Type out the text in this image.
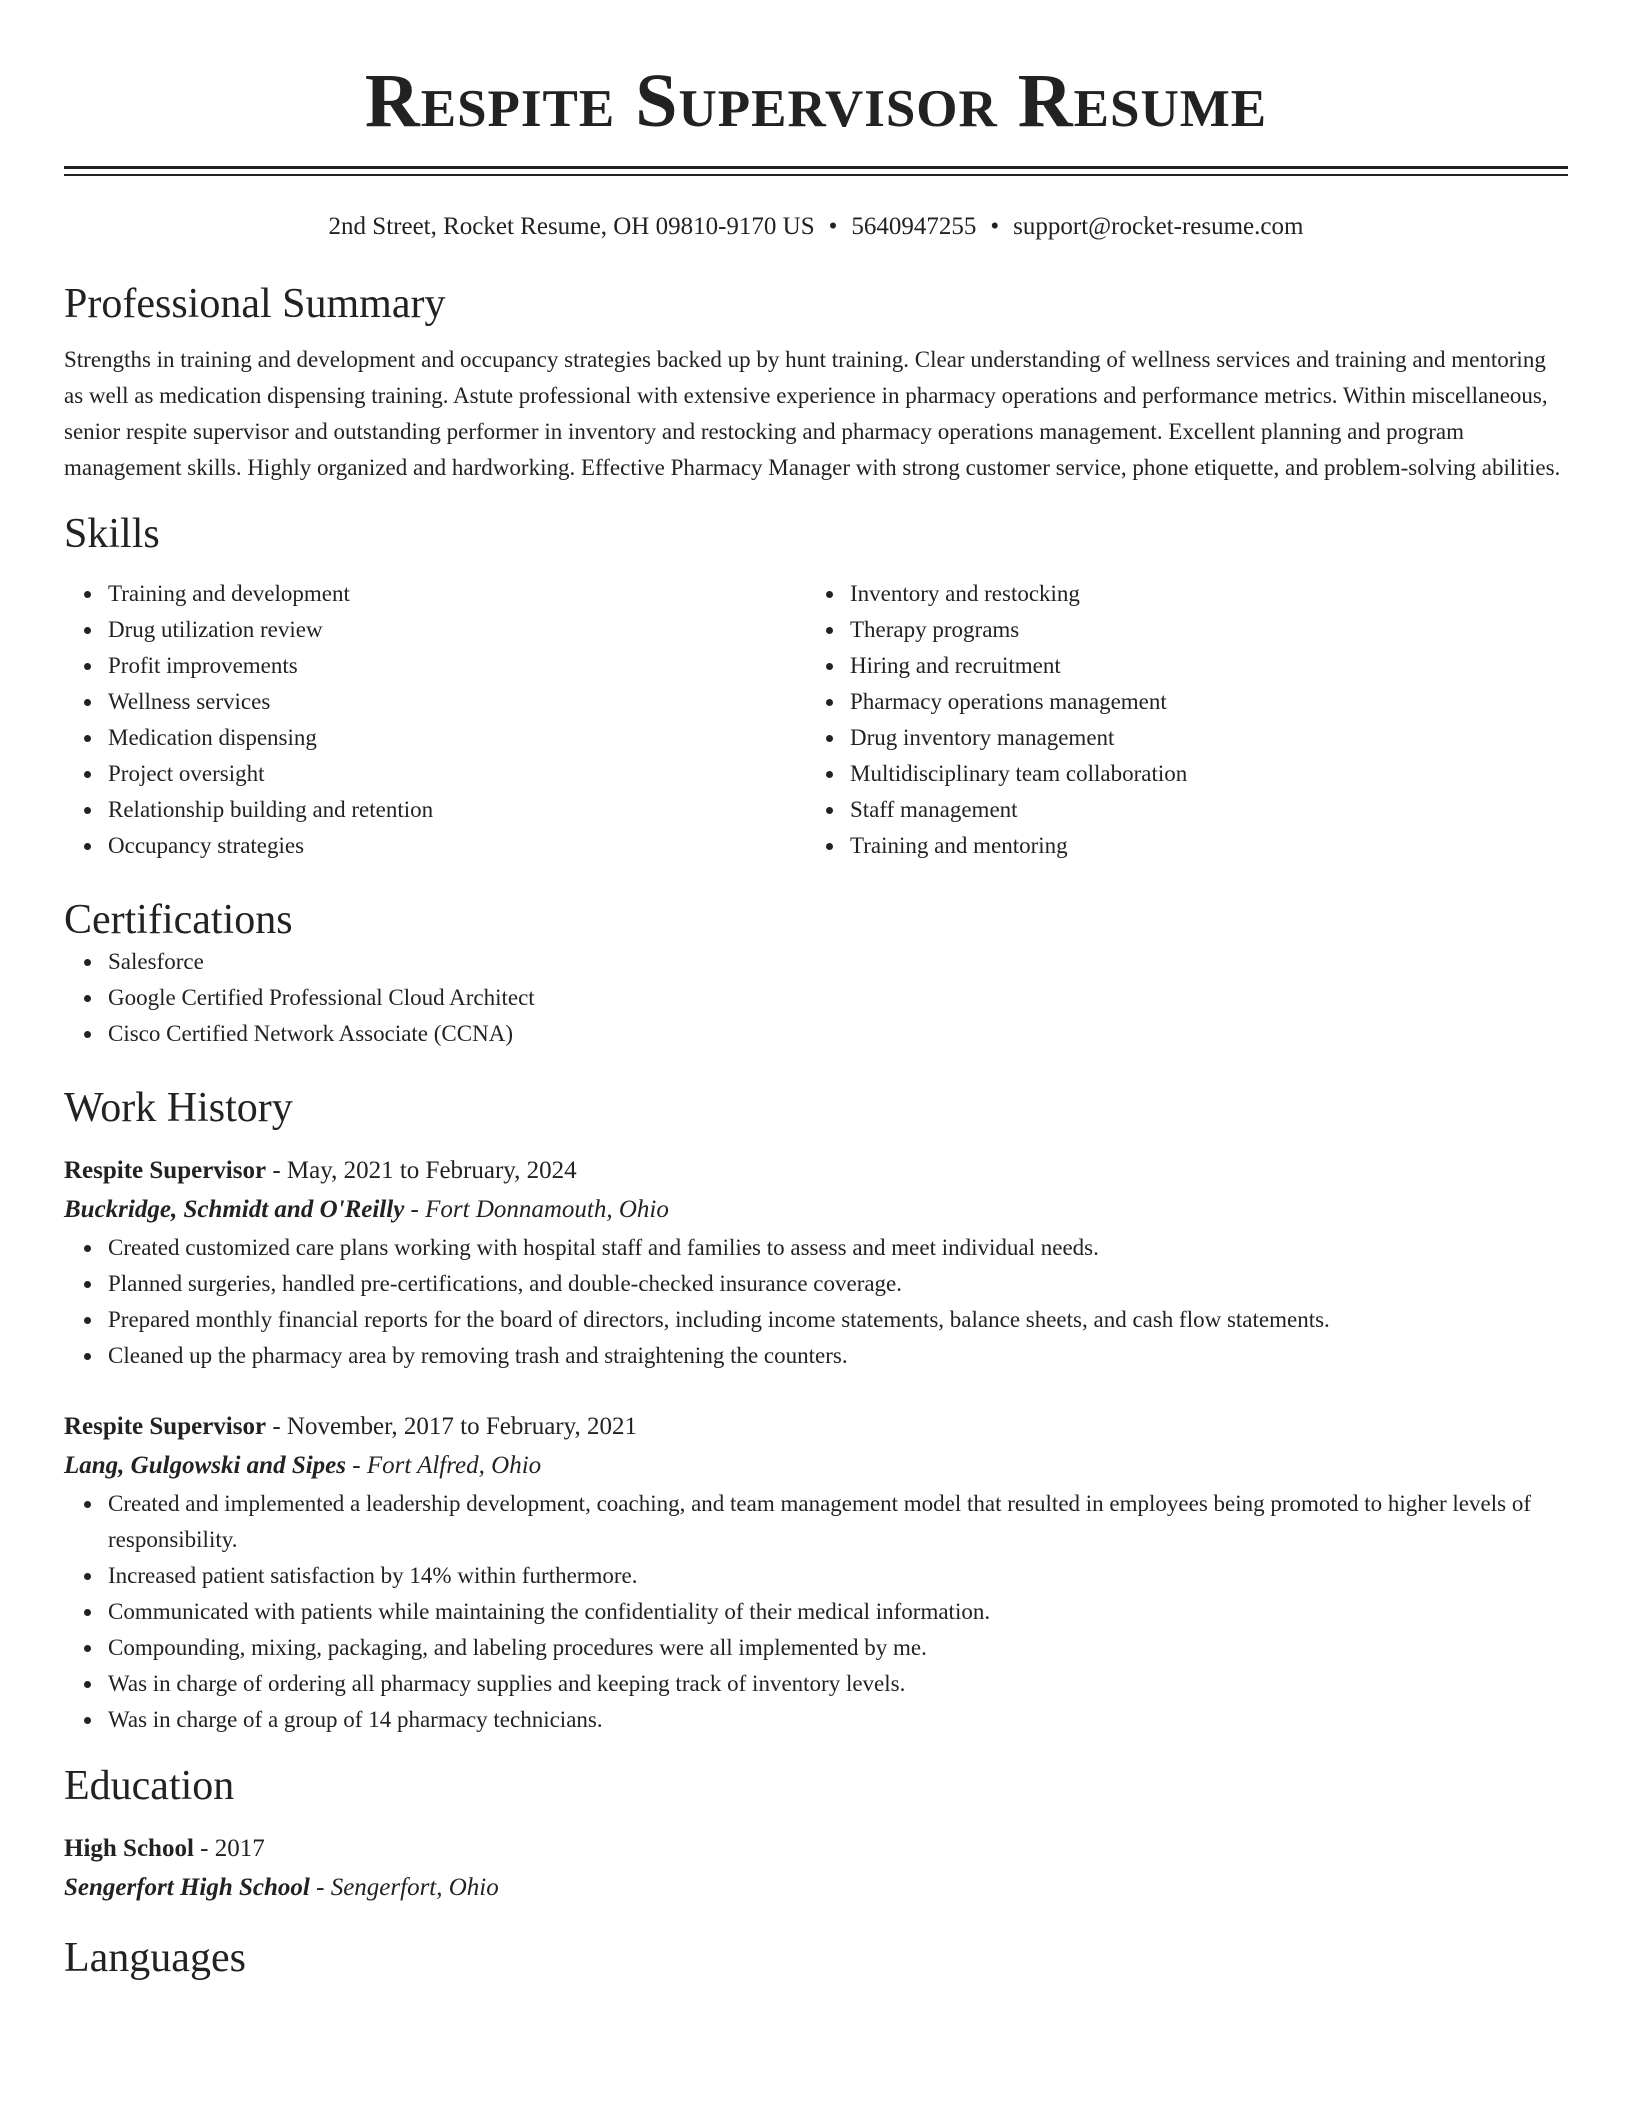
Respite Supervisor Resume
2nd Street, Rocket Resume, OH 09810-9170 US • 5640947255 • support@rocket-resume.com
Professional Summary
Strengths in training and development and occupancy strategies backed up by hunt training. Clear understanding of wellness services and training and mentoring as well as medication dispensing training. Astute professional with extensive experience in pharmacy operations and performance metrics. Within miscellaneous, senior respite supervisor and outstanding performer in inventory and restocking and pharmacy operations management. Excellent planning and program management skills. Highly organized and hardworking. Effective Pharmacy Manager with strong customer service, phone etiquette, and problem-solving abilities.
Skills
Training and development
Drug utilization review
Profit improvements
Wellness services
Medication dispensing
Project oversight
Relationship building and retention
Occupancy strategies
Inventory and restocking
Therapy programs
Hiring and recruitment
Pharmacy operations management
Drug inventory management
Multidisciplinary team collaboration
Staff management
Training and mentoring
Certifications
Salesforce
Google Certified Professional Cloud Architect
Cisco Certified Network Associate (CCNA)
Work History
Respite Supervisor - May, 2021 to February, 2024
Buckridge, Schmidt and O'Reilly - Fort Donnamouth, Ohio
Created customized care plans working with hospital staff and families to assess and meet individual needs.
Planned surgeries, handled pre-certifications, and double-checked insurance coverage.
Prepared monthly financial reports for the board of directors, including income statements, balance sheets, and cash flow statements.
Cleaned up the pharmacy area by removing trash and straightening the counters.
Respite Supervisor - November, 2017 to February, 2021
Lang, Gulgowski and Sipes - Fort Alfred, Ohio
Created and implemented a leadership development, coaching, and team management model that resulted in employees being promoted to higher levels of responsibility.
Increased patient satisfaction by 14% within furthermore.
Communicated with patients while maintaining the confidentiality of their medical information.
Compounding, mixing, packaging, and labeling procedures were all implemented by me.
Was in charge of ordering all pharmacy supplies and keeping track of inventory levels.
Was in charge of a group of 14 pharmacy technicians.
Education
High School - 2017
Sengerfort High School - Sengerfort, Ohio
Languages
